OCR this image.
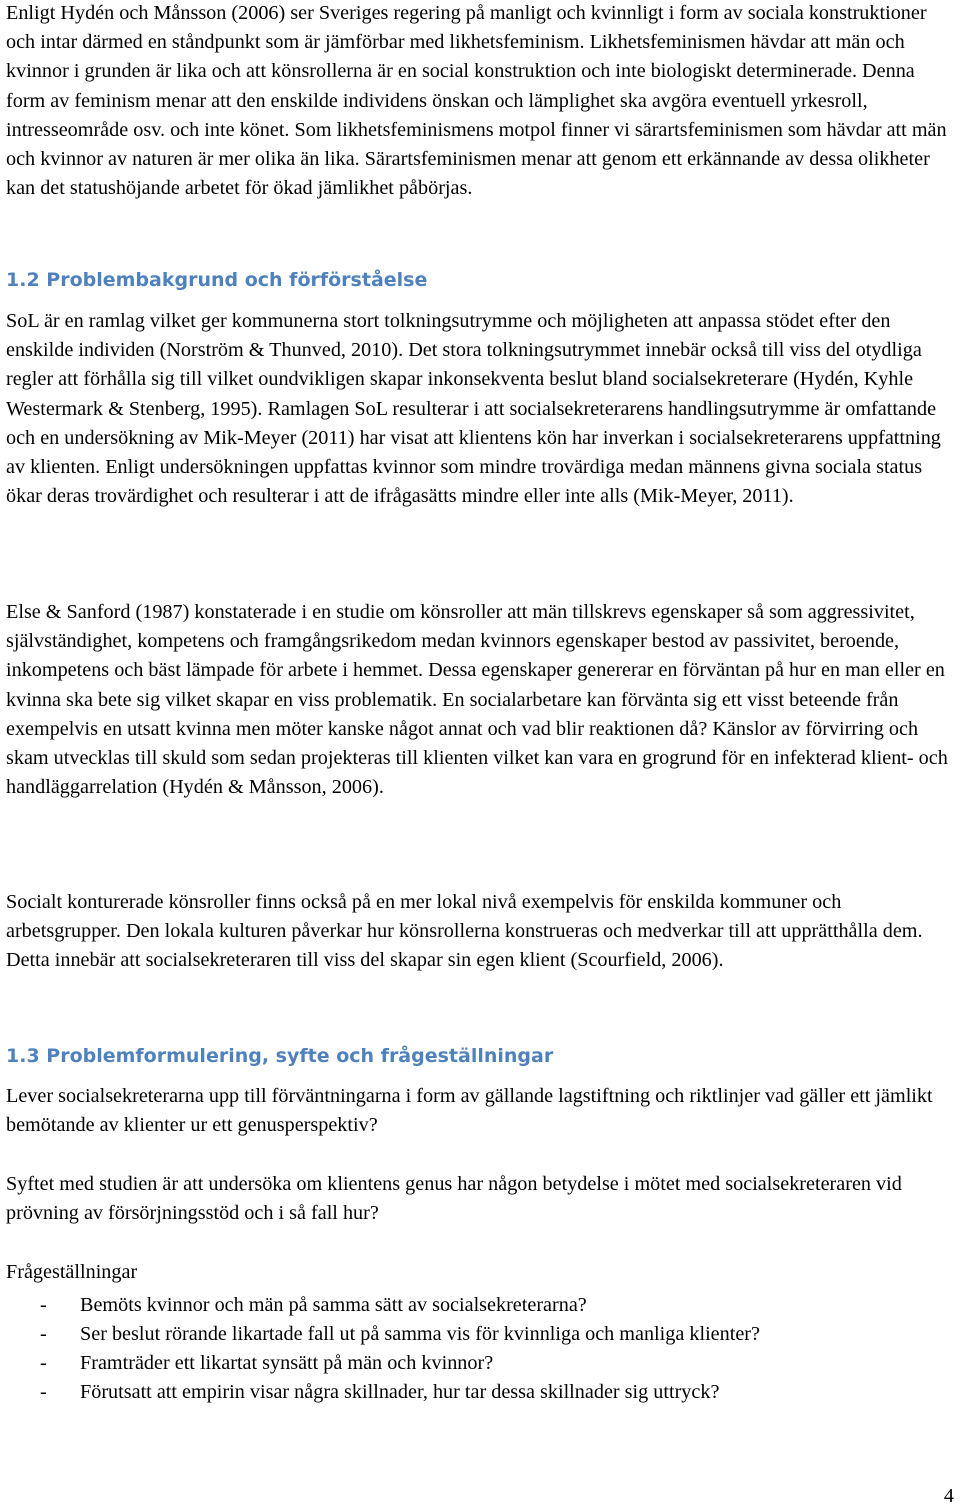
Enligt Hydén och Månsson (2006) ser Sveriges regering på manligt och kvinnligt i form av sociala konstruktioner och intar därmed en ståndpunkt som är jämförbar med likhetsfeminism. Likhetsfeminismen hävdar att män och kvinnor i grunden är lika och att könsrollerna är en social konstruktion och inte biologiskt determinerade. Denna form av feminism menar att den enskilde individens önskan och lämplighet ska avgöra eventuell yrkesroll, intresseområde osv. och inte könet. Som likhetsfeminismens motpol finner vi särartsfeminismen som hävdar att män och kvinnor av naturen är mer olika än lika. Särartsfeminismen menar att genom ett erkännande av dessa olikheter kan det statushöjande arbetet för ökad jämlikhet påbörjas.

1.2 Problembakgrund och förförståelse

SoL är en ramlag vilket ger kommunerna stort tolkningsutrymme och möjligheten att anpassa stödet efter den enskilde individen (Norström & Thunved, 2010). Det stora tolkningsutrymmet innebär också till viss del otydliga regler att förhålla sig till vilket oundvikligen skapar inkonsekventa beslut bland socialsekreterare (Hydén, Kyhle Westermark & Stenberg, 1995). Ramlagen SoL resulterar i att socialsekreterarens handlingsutrymme är omfattande och en undersökning av Mik-Meyer (2011) har visat att klientens kön har inverkan i socialsekreterarens uppfattning av klienten. Enligt undersökningen uppfattas kvinnor som mindre trovärdiga medan männens givna sociala status ökar deras trovärdighet och resulterar i att de ifrågasätts mindre eller inte alls (Mik-Meyer, 2011).

Else & Sanford (1987) konstaterade i en studie om könsroller att män tillskrevs egenskaper så som aggressivitet, självständighet, kompetens och framgångsrikedom medan kvinnors egenskaper bestod av passivitet, beroende, inkompetens och bäst lämpade för arbete i hemmet. Dessa egenskaper genererar en förväntan på hur en man eller en kvinna ska bete sig vilket skapar en viss problematik. En socialarbetare kan förvänta sig ett visst beteende från exempelvis en utsatt kvinna men möter kanske något annat och vad blir reaktionen då? Känslor av förvirring och skam utvecklas till skuld som sedan projekteras till klienten vilket kan vara en grogrund för en infekterad klient- och handläggarrelation (Hydén & Månsson, 2006).

Socialt konturerade könsroller finns också på en mer lokal nivå exempelvis för enskilda kommuner och arbetsgrupper. Den lokala kulturen påverkar hur könsrollerna konstrueras och medverkar till att upprätthålla dem. Detta innebär att socialsekreteraren till viss del skapar sin egen klient (Scourfield, 2006).

1.3 Problemformulering, syfte och frågeställningar

Lever socialsekreterarna upp till förväntningarna i form av gällande lagstiftning och riktlinjer vad gäller ett jämlikt bemötande av klienter ur ett genusperspektiv?

Syftet med studien är att undersöka om klientens genus har någon betydelse i mötet med socialsekreteraren vid prövning av försörjningsstöd och i så fall hur?

Frågeställningar

- Bemöts kvinnor och män på samma sätt av socialsekreterarna?
- Ser beslut rörande likartade fall ut på samma vis för kvinnliga och manliga klienter?
- Framträder ett likartat synsätt på män och kvinnor?
- Förutsatt att empirin visar några skillnader, hur tar dessa skillnader sig uttryck?
4
